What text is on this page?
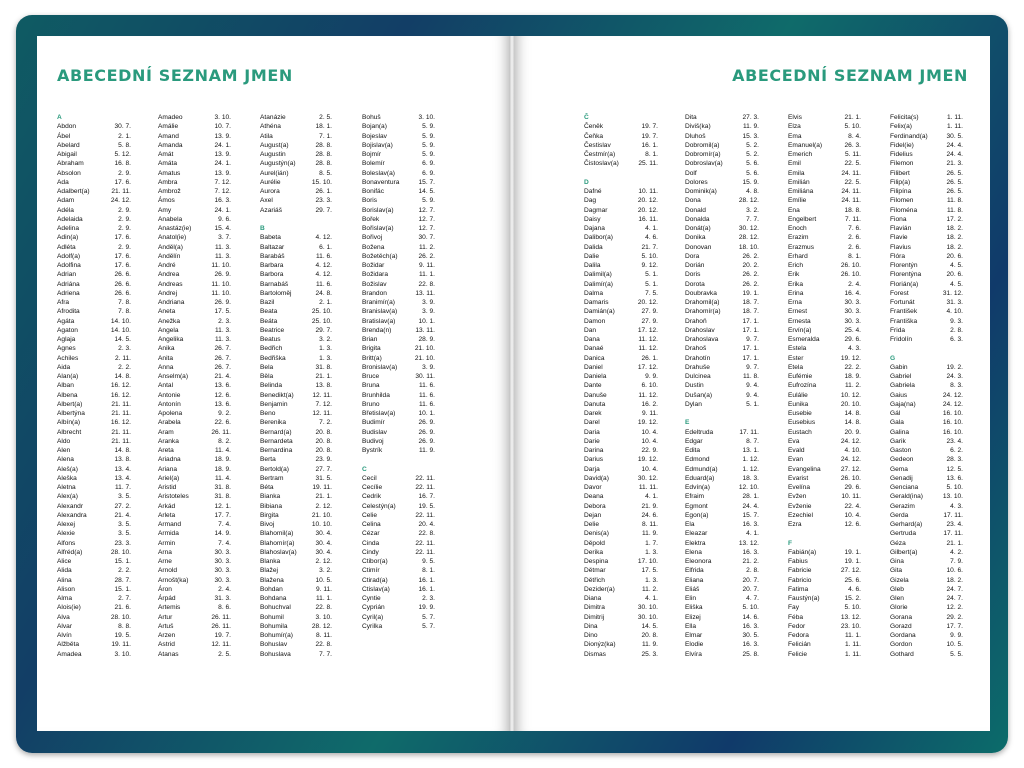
ABECEDNÍ SEZNAM JMEN
A
Abdon	30. 7.
Ábel	2. 1.
Abelard	5. 8.
Abigail	5. 12.
Abraham	16. 8.
Absolon	2. 9.
Ada	17. 6.
Adalbert(a)	21. 11.
Adam	24. 12.
Adéla	2. 9.
Adelaida	2. 9.
Adelina	2. 9.
Adin(a)	17. 6.
Adléta	2. 9.
Adolf(a)	17. 6.
Adolfina	17. 6.
Adrian	26. 6.
Adriána	26. 6.
Adriena	26. 6.
Afra	7. 8.
Afrodita	7. 8.
Agáta	14. 10.
Agaton	14. 10.
Aglaja	14. 5.
Agnes	2. 3.
Achiles	2. 11.
Aida	2. 2.
Alan(a)	14. 8.
Alban	16. 12.
Albena	16. 12.
Albert(a)	21. 11.
Albertýna	21. 11.
Albín(a)	16. 12.
Albrecht	21. 11.
Aldo	21. 11.
Alen	14. 8.
Alena	13. 8.
Aleš(a)	13. 4.
Aleška	13. 4.
Aletna	11. 7.
Alex(a)	3. 5.
Alexandr	27. 2.
Alexandra	21. 4.
Alexej	3. 5.
Alexie	3. 5.
Alfons	23. 3.
Alfréd(a)	28. 10.
Alice	15. 1.
Alida	2. 2.
Alina	28. 7.
Alison	15. 1.
Alma	2. 7.
Alois(ie)	21. 6.
Alva	28. 10.
Alvar	8. 8.
Alvín	19. 5.
Alžběta	19. 11.
Amadea	3. 10.
Amadeo	3. 10.
Amálie	10. 7.
Amand	13. 9.
Amanda	24. 1.
Amát	13. 9.
Amáta	24. 1.
Amatus	13. 9.
Ambra	7. 12.
Ambrož	7. 12.
Ámos	16. 3.
Amy	24. 1.
Anabela	9. 6.
Anastáz(ie)	15. 4.
Anatol(ie)	3. 7.
Anděl(a)	11. 3.
Andělín	11. 3.
André	11. 10.
Andrea	26. 9.
Andreas	11. 10.
Andrej	11. 10.
Andriana	26. 9.
Aneta	17. 5.
Anežka	2. 3.
Angela	11. 3.
Angelika	11. 3.
Anika	26. 7.
Anita	26. 7.
Anna	26. 7.
Anselm(a)	21. 4.
Antal	13. 6.
Antonie	12. 6.
Antonín	13. 6.
Apolena	9. 2.
Arabela	22. 6.
Aram	26. 11.
Aranka	8. 2.
Areta	11. 4.
Ariadna	18. 9.
Ariana	18. 9.
Ariel(a)	11. 4.
Aristid	31. 8.
Aristoteles	31. 8.
Arkád	12. 1.
Arleta	17. 7.
Armand	7. 4.
Armida	14. 9.
Armin	7. 4.
Arna	30. 3.
Arne	30. 3.
Arnold	30. 3.
Arnošt(ka)	30. 3.
Áron	2. 4.
Árpád	31. 3.
Artemis	8. 6.
Artur	26. 11.
Artuš	26. 11.
Arzen	19. 7.
Astrid	12. 11.
Atanas	2. 5.
Atanázie	2. 5.
Athéna	18. 1.
Atila	7. 1.
August(a)	28. 8.
Augustin	28. 8.
Augustýn(a)	28. 8.
Aurel(ián)	8. 5.
Aurélie	15. 10.
Aurora	26. 1.
Axel	23. 3.
Azariáš	29. 7.
B
Babeta	4. 12.
Baltazar	6. 1.
Barabáš	11. 6.
Barbara	4. 12.
Barbora	4. 12.
Barnabáš	11. 6.
Bartoloměj	24. 8.
Bazil	2. 1.
Beata	25. 10.
Beáta	25. 10.
Beatrice	29. 7.
Beatus	3. 2.
Bedřich	1. 3.
Bedřiška	1. 3.
Bela	31. 8.
Běla	21. 1.
Belinda	13. 8.
Benedikt(a)	12. 11.
Benjamin	7. 12.
Beno	12. 11.
Berenika	7. 2.
Bernard(a)	20. 8.
Bernardeta	20. 8.
Bernardina	20. 8.
Berta	23. 9.
Bertold(a)	27. 7.
Bertram	31. 5.
Béta	19. 11.
Bianka	21. 1.
Bibiana	2. 12.
Birgita	21. 10.
Bivoj	10. 10.
Blahomil(a)	30. 4.
Blahomír(a)	30. 4.
Blahoslav(a)	30. 4.
Blanka	2. 12.
Blažej	3. 2.
Blažena	10. 5.
Bohdan	9. 11.
Bohdana	11. 1.
Bohuchval	22. 8.
Bohumil	3. 10.
Bohumila	28. 12.
Bohumír(a)	8. 11.
Bohuslav	22. 8.
Bohuslava	7. 7.
Bohuš	3. 10.
Bojan(a)	5. 9.
Bojeslav	5. 9.
Bojislav(a)	5. 9.
Bojmír	5. 9.
Bolemír	6. 9.
Boleslav(a)	6. 9.
Bonaventura	15. 7.
Bonifác	14. 5.
Boris	5. 9.
Borislav(a)	12. 7.
Bořek	12. 7.
Bořislav(a)	12. 7.
Bořivoj	30. 7.
Božena	11. 2.
Božetěch(a)	26. 2.
Božidar	9. 11.
Božidara	11. 1.
Božislav	22. 8.
Brandon	13. 11.
Branimír(a)	3. 9.
Branislav(a)	3. 9.
Bratislav(a)	10. 1.
Brenda(n)	13. 11.
Brian	28. 9.
Brigita	21. 10.
Britt(a)	21. 10.
Bronislav(a)	3. 9.
Bruce	30. 11.
Bruna	11. 6.
Brunhilda	11. 6.
Bruno	11. 6.
Břetislav(a)	10. 1.
Budimír	26. 9.
Budislav	26. 9.
Budivoj	26. 9.
Bystrík	11. 9.
C
Cecil	22. 11.
Cecílie	22. 11.
Cedrik	16. 7.
Celestýn(a)	19. 5.
Celie	22. 11.
Celina	20. 4.
Cézar	22. 8.
Cinda	22. 11.
Cindy	22. 11.
Ctibor(a)	9. 5.
Ctimír	8. 1.
Ctirad(a)	16. 1.
Ctislav(a)	16. 1.
Cyntie	2. 3.
Cyprián	19. 9.
Cyril(a)	5. 7.
Cyrilka	5. 7.
ABECEDNÍ SEZNAM JMEN
Č
Čeněk	19. 7.
Čeňka	19. 7.
Čestislav	16. 1.
Čestmír(a)	8. 1.
Čistoslav(a)	25. 11.
D
Dafné	10. 11.
Dag	20. 12.
Dagmar	20. 12.
Daisy	16. 11.
Dajana	4. 1.
Dalibor(a)	4. 6.
Dalida	21. 7.
Dalie	5. 10.
Dalila	9. 12.
Dalimil(a)	5. 1.
Dalimír(a)	5. 1.
Dalma	7. 5.
Damaris	20. 12.
Damián(a)	27. 9.
Damon	27. 9.
Dan	17. 12.
Dana	11. 12.
Danaé	11. 12.
Danica	26. 1.
Daniel	17. 12.
Daniela	9. 9.
Dante	6. 10.
Danuše	11. 12.
Danuta	16. 2.
Darek	9. 11.
Darel	19. 12.
Daria	10. 4.
Darie	10. 4.
Darina	22. 9.
Darius	19. 12.
Darja	10. 4.
David(a)	30. 12.
Davor	11. 11.
Deana	4. 1.
Debora	21. 9.
Dejan	24. 6.
Delie	8. 11.
Denis(a)	11. 9.
Děpold	1. 7.
Derika	1. 3.
Despina	17. 10.
Dětmar	17. 5.
Dětřich	1. 3.
Dezider(a)	11. 2.
Diana	4. 1.
Dimitra	30. 10.
Dimitrij	30. 10.
Dina	14. 5.
Dino	20. 8.
Dionýz(ka)	11. 9.
Dismas	25. 3.
Dita	27. 3.
Diviš(ka)	11. 9.
Dluhoš	15. 3.
Dobromil(a)	5. 2.
Dobromír(a)	5. 2.
Dobroslav(a)	5. 6.
Dolf	5. 6.
Dolores	15. 9.
Dominik(a)	4. 8.
Dona	28. 12.
Donald	3. 2.
Donalda	7. 7.
Donát(a)	30. 12.
Donika	28. 12.
Donovan	18. 10.
Dora	26. 2.
Dorián	20. 2.
Doris	26. 2.
Dorota	26. 2.
Doubravka	19. 1.
Drahomil(a)	18. 7.
Drahomír(a)	18. 7.
Drahoň	17. 1.
Drahoslav	17. 1.
Drahoslava	9. 7.
Drahoš	17. 1.
Drahotín	17. 1.
Drahuše	9. 7.
Dulcinea	11. 8.
Dustin	9. 4.
Dušan(a)	9. 4.
Dylan	5. 1.
E
Edeltruda	17. 11.
Edgar	8. 7.
Edita	13. 1.
Edmond	1. 12.
Edmund(a)	1. 12.
Eduard(a)	18. 3.
Edvín(a)	12. 10.
Efraim	28. 1.
Egmont	24. 4.
Egon(a)	15. 7.
Ela	16. 3.
Eleazar	4. 1.
Elektra	13. 12.
Elena	16. 3.
Eleonora	21. 2.
Elfrida	2. 8.
Eliana	20. 7.
Eliáš	20. 7.
Elin	4. 7.
Eliška	5. 10.
Elizej	14. 6.
Ella	16. 3.
Elmar	30. 5.
Elodie	16. 3.
Elvíra	25. 8.
Elvis	21. 1.
Elza	5. 10.
Ema	8. 4.
Emanuel(a)	26. 3.
Emerich	5. 11.
Emil	22. 5.
Emila	24. 11.
Emilián	22. 5.
Emiliána	24. 11.
Emílie	24. 11.
Ena	18. 8.
Engelbert	7. 11.
Enoch	7. 6.
Erazim	2. 6.
Erazmus	2. 6.
Erhard	8. 1.
Erich	26. 10.
Erik	26. 10.
Erika	2. 4.
Erina	16. 4.
Erna	30. 3.
Ernest	30. 3.
Ernesta	30. 3.
Ervín(a)	25. 4.
Esmeralda	29. 6.
Estela	4. 3.
Ester	19. 12.
Etela	22. 2.
Eufémie	18. 9.
Eufrozína	11. 2.
Eulálie	10. 12.
Eunika	20. 10.
Eusebie	14. 8.
Eusebius	14. 8.
Eustach	20. 9.
Eva	24. 12.
Evald	4. 10.
Evan	24. 12.
Evangelina	27. 12.
Evarist	26. 10.
Evelína	29. 6.
Evžen	10. 11.
Evženie	22. 4.
Ezechiel	10. 4.
Ezra	12. 6.
F
Fabián(a)	19. 1.
Fabius	19. 1.
Fabricie	27. 12.
Fabricio	25. 6.
Fatima	4. 6.
Faustýn(a)	15. 2.
Fay	5. 10.
Féba	13. 12.
Fedor	23. 10.
Fedora	11. 1.
Felicián	1. 11.
Felicie	1. 11.
Felicita(s)	1. 11.
Felix(a)	1. 11.
Ferdinand(a)	30. 5.
Fidel(ie)	24. 4.
Fidelius	24. 4.
Filemon	21. 3.
Filibert	26. 5.
Filip(a)	26. 5.
Filipína	26. 5.
Filomen	11. 8.
Filoména	11. 8.
Fiona	17. 2.
Flavián	18. 2.
Flavie	18. 2.
Flavius	18. 2.
Flóra	20. 6.
Florentýn	4. 5.
Florentýna	20. 6.
Florián(a)	4. 5.
Forest	31. 12.
Fortunát	31. 3.
František	4. 10.
Františka	9. 3.
Frida	2. 8.
Fridolín	6. 3.
G
Gabin	19. 2.
Gabriel	24. 3.
Gabriela	8. 3.
Gaius	24. 12.
Gaja(na)	24. 12.
Gál	16. 10.
Gala	16. 10.
Galina	16. 10.
Garik	23. 4.
Gaston	6. 2.
Gedeon	28. 3.
Gema	12. 5.
Genadij	13. 6.
Genciana	5. 10.
Gerald(ina)	13. 10.
Gerazim	4. 3.
Gerda	17. 11.
Gerhard(a)	23. 4.
Gertruda	17. 11.
Géza	21. 1.
Gilbert(a)	4. 2.
Gina	7. 9.
Gita	10. 6.
Gizela	18. 2.
Gleb	24. 7.
Glen	24. 7.
Glorie	12. 2.
Gorana	29. 2.
Gorazd	17. 7.
Gordana	9. 9.
Gordon	10. 5.
Gothard	5. 5.
